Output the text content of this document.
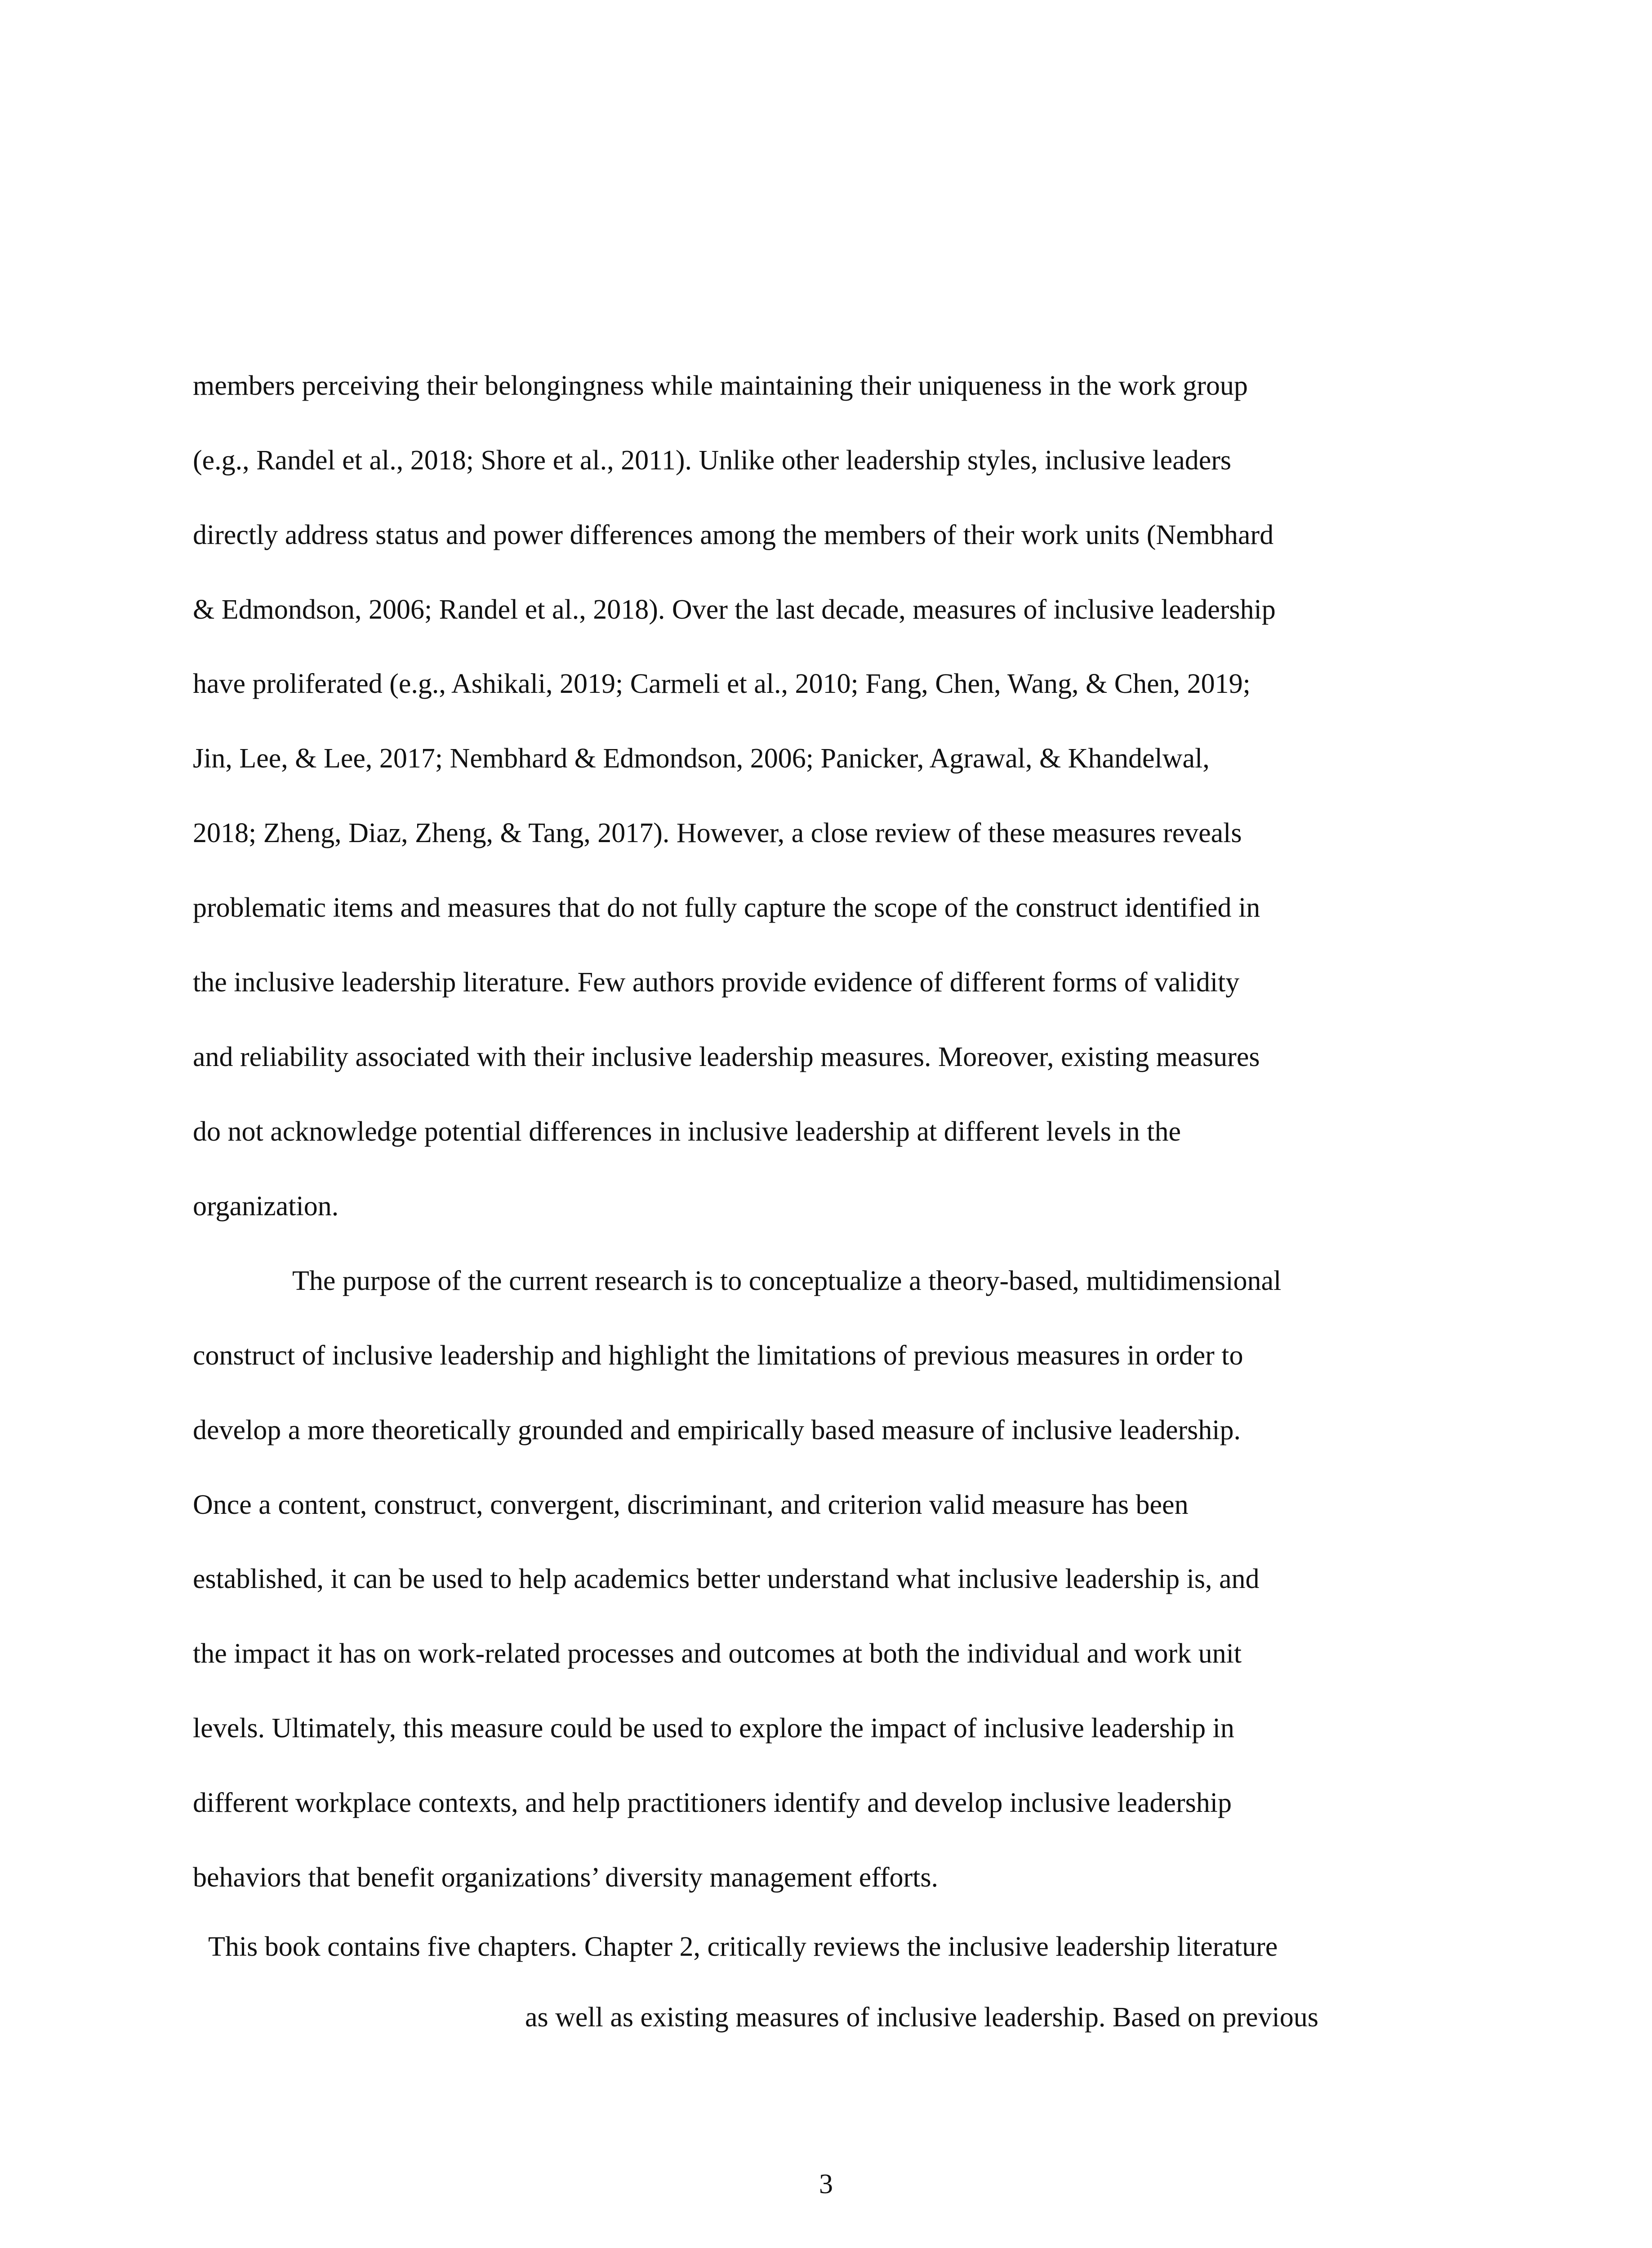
members perceiving their belongingness while maintaining their uniqueness in the work group

(e.g., Randel et al., 2018; Shore et al., 2011). Unlike other leadership styles, inclusive leaders

directly address status and power differences among the members of their work units (Nembhard

& Edmondson, 2006; Randel et al., 2018). Over the last decade, measures of inclusive leadership

have proliferated (e.g., Ashikali, 2019; Carmeli et al., 2010; Fang, Chen, Wang, & Chen, 2019;

Jin, Lee, & Lee, 2017; Nembhard & Edmondson, 2006; Panicker, Agrawal, & Khandelwal,

2018; Zheng, Diaz, Zheng, & Tang, 2017). However, a close review of these measures reveals

problematic items and measures that do not fully capture the scope of the construct identified in

the inclusive leadership literature. Few authors provide evidence of different forms of validity

and reliability associated with their inclusive leadership measures. Moreover, existing measures

do not acknowledge potential differences in inclusive leadership at different levels in the

organization.

The purpose of the current research is to conceptualize a theory-based, multidimensional

construct of inclusive leadership and highlight the limitations of previous measures in order to

develop a more theoretically grounded and empirically based measure of inclusive leadership.

Once a content, construct, convergent, discriminant, and criterion valid measure has been

established, it can be used to help academics better understand what inclusive leadership is, and

the impact it has on work-related processes and outcomes at both the individual and work unit

levels. Ultimately, this measure could be used to explore the impact of inclusive leadership in

different workplace contexts, and help practitioners identify and develop inclusive leadership

behaviors that benefit organizations’ diversity management efforts.

This book contains five chapters. Chapter 2, critically reviews the inclusive leadership literature

as well as existing measures of inclusive leadership. Based on previous

3
